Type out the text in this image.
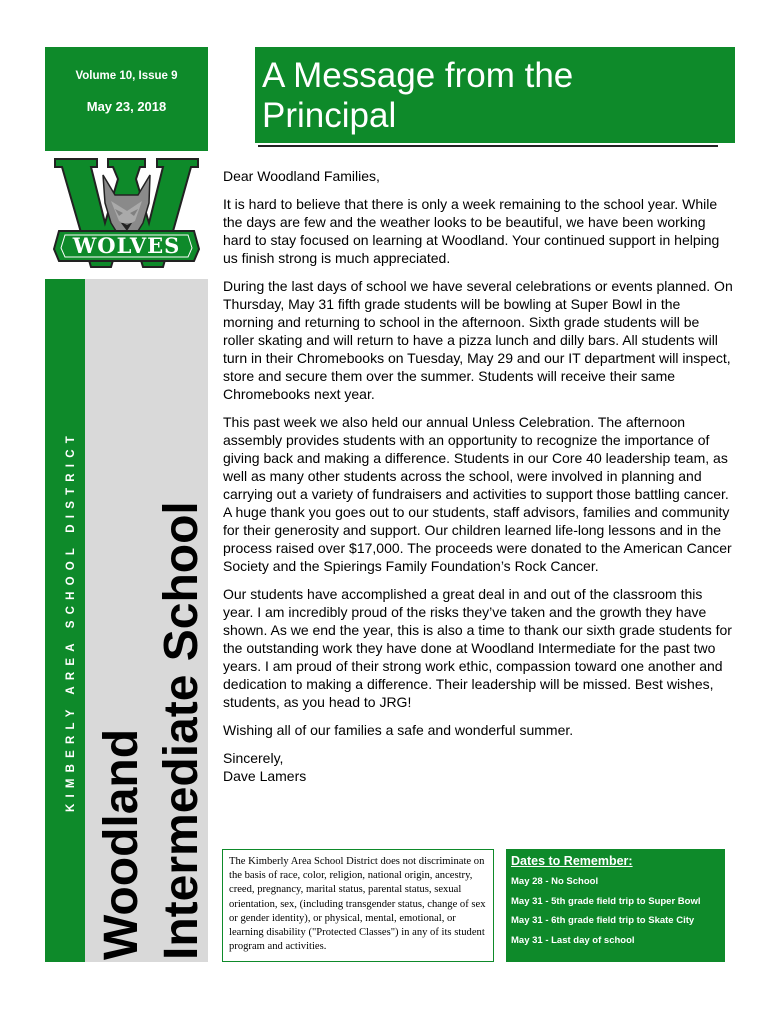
Volume 10, Issue 9
May 23, 2018
WOLVES
KIMBERLY AREA SCHOOL DISTRICT
Woodland Intermediate School
A Message from the
Principal

Dear Woodland Families,

It is hard to believe that there is only a week remaining to the school year. While the days are few and the weather looks to be beautiful, we have been working hard to stay focused on learning at Woodland. Your continued support in helping us finish strong is much appreciated.

During the last days of school we have several celebrations or events planned. On Thursday, May 31 fifth grade students will be bowling at Super Bowl in the morning and returning to school in the afternoon. Sixth grade students will be roller skating and will return to have a pizza lunch and dilly bars. All students will turn in their Chromebooks on Tuesday, May 29 and our IT department will inspect, store and secure them over the summer. Students will receive their same Chromebooks next year.

This past week we also held our annual Unless Celebration. The afternoon assembly provides students with an opportunity to recognize the importance of giving back and making a difference. Students in our Core 40 leadership team, as well as many other students across the school, were involved in planning and carrying out a variety of fundraisers and activities to support those battling cancer. A huge thank you goes out to our students, staff advisors, families and community for their generosity and support. Our children learned life-long lessons and in the process raised over $17,000. The proceeds were donated to the American Cancer Society and the Spierings Family Foundation’s Rock Cancer.

Our students have accomplished a great deal in and out of the classroom this year. I am incredibly proud of the risks they’ve taken and the growth they have shown. As we end the year, this is also a time to thank our sixth grade students for the outstanding work they have done at Woodland Intermediate for the past two years. I am proud of their strong work ethic, compassion toward one another and dedication to making a difference. Their leadership will be missed. Best wishes, students, as you head to JRG!

Wishing all of our families a safe and wonderful summer.

Sincerely,
Dave Lamers
The Kimberly Area School District does not discriminate on the basis of race, color, religion, national origin, ancestry, creed, pregnancy, marital status, parental status, sexual orientation, sex, (including transgender status, change of sex or gender identity), or physical, mental, emotional, or learning disability ("Protected Classes") in any of its student program and activities.
Dates to Remember:
May 28 - No School
May 31 - 5th grade field trip to Super Bowl
May 31 - 6th grade field trip to Skate City
May 31 - Last day of school
